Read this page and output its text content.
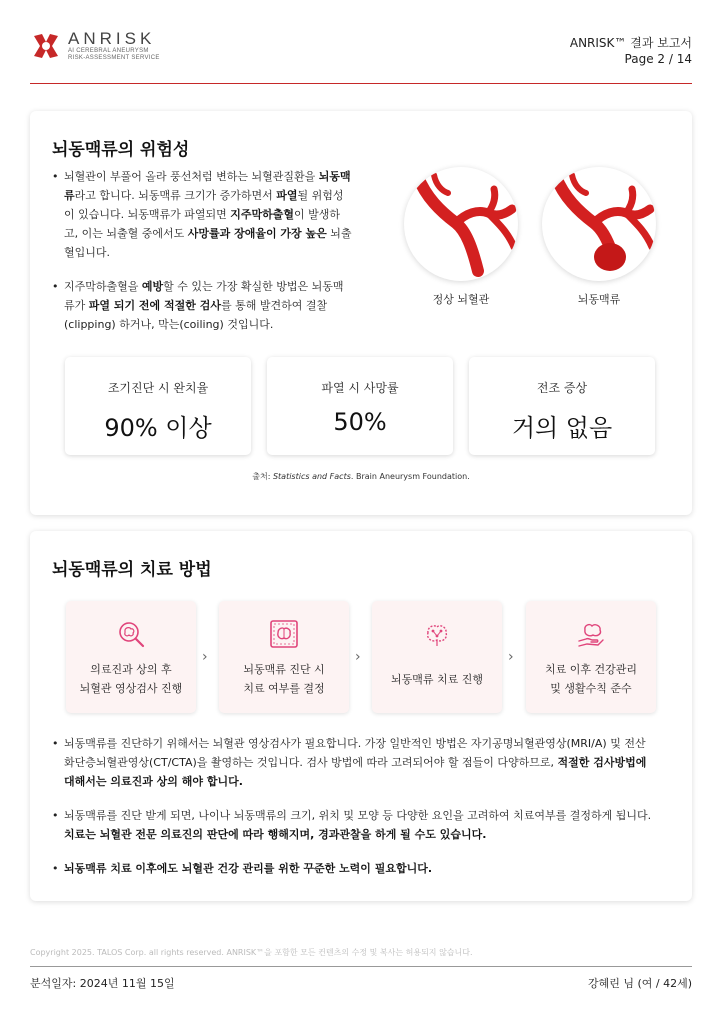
ANRISK
AI CEREBRAL ANEURYSM
RISK-ASSESSMENT SERVICE
ANRISK™ 결과 보고서
Page 2 / 14
뇌동맥류의 위험성
• 뇌혈관이 부풀어 올라 풍선처럼 변하는 뇌혈관질환을 뇌동맥류라고 합니다. 뇌동맥류 크기가 증가하면서 파열될 위험성이 있습니다. 뇌동맥류가 파열되면 지주막하출혈이 발생하고, 이는 뇌출혈 중에서도 사망률과 장애율이 가장 높은 뇌출혈입니다.
• 지주막하출혈을 예방할 수 있는 가장 확실한 방법은 뇌동맥류가 파열 되기 전에 적절한 검사를 통해 발견하여 결찰(clipping) 하거나, 막는(coiling) 것입니다.
정상 뇌혈관	뇌동맥류
조기진단 시 완치율
90% 이상
파열 시 사망률
50%
전조 증상
거의 없음
출처: Statistics and Facts. Brain Aneurysm Foundation.
뇌동맥류의 치료 방법
의료진과 상의 후
뇌혈관 영상검사 진행
›
뇌동맥류 진단 시
치료 여부를 결정
›
뇌동맥류 치료 진행
›
치료 이후 건강관리
및 생활수칙 준수
• 뇌동맥류를 진단하기 위해서는 뇌혈관 영상검사가 필요합니다. 가장 일반적인 방법은 자기공명뇌혈관영상(MRI/A) 및 전산화단층뇌혈관영상(CT/CTA)을 촬영하는 것입니다. 검사 방법에 따라 고려되어야 할 점들이 다양하므로, 적절한 검사방법에 대해서는 의료진과 상의 해야 합니다.
• 뇌동맥류를 진단 받게 되면, 나이나 뇌동맥류의 크기, 위치 및 모양 등 다양한 요인을 고려하여 치료여부를 결정하게 됩니다. 치료는 뇌혈관 전문 의료진의 판단에 따라 행해지며, 경과관찰을 하게 될 수도 있습니다.
• 뇌동맥류 치료 이후에도 뇌혈관 건강 관리를 위한 꾸준한 노력이 필요합니다.
Copyright 2025. TALOS Corp. all rights reserved. ANRISK™을 포함한 모든 컨텐츠의 수정 및 복사는 허용되지 않습니다.
분석일자: 2024년 11월 15일	강혜린 님 (여 / 42세)
